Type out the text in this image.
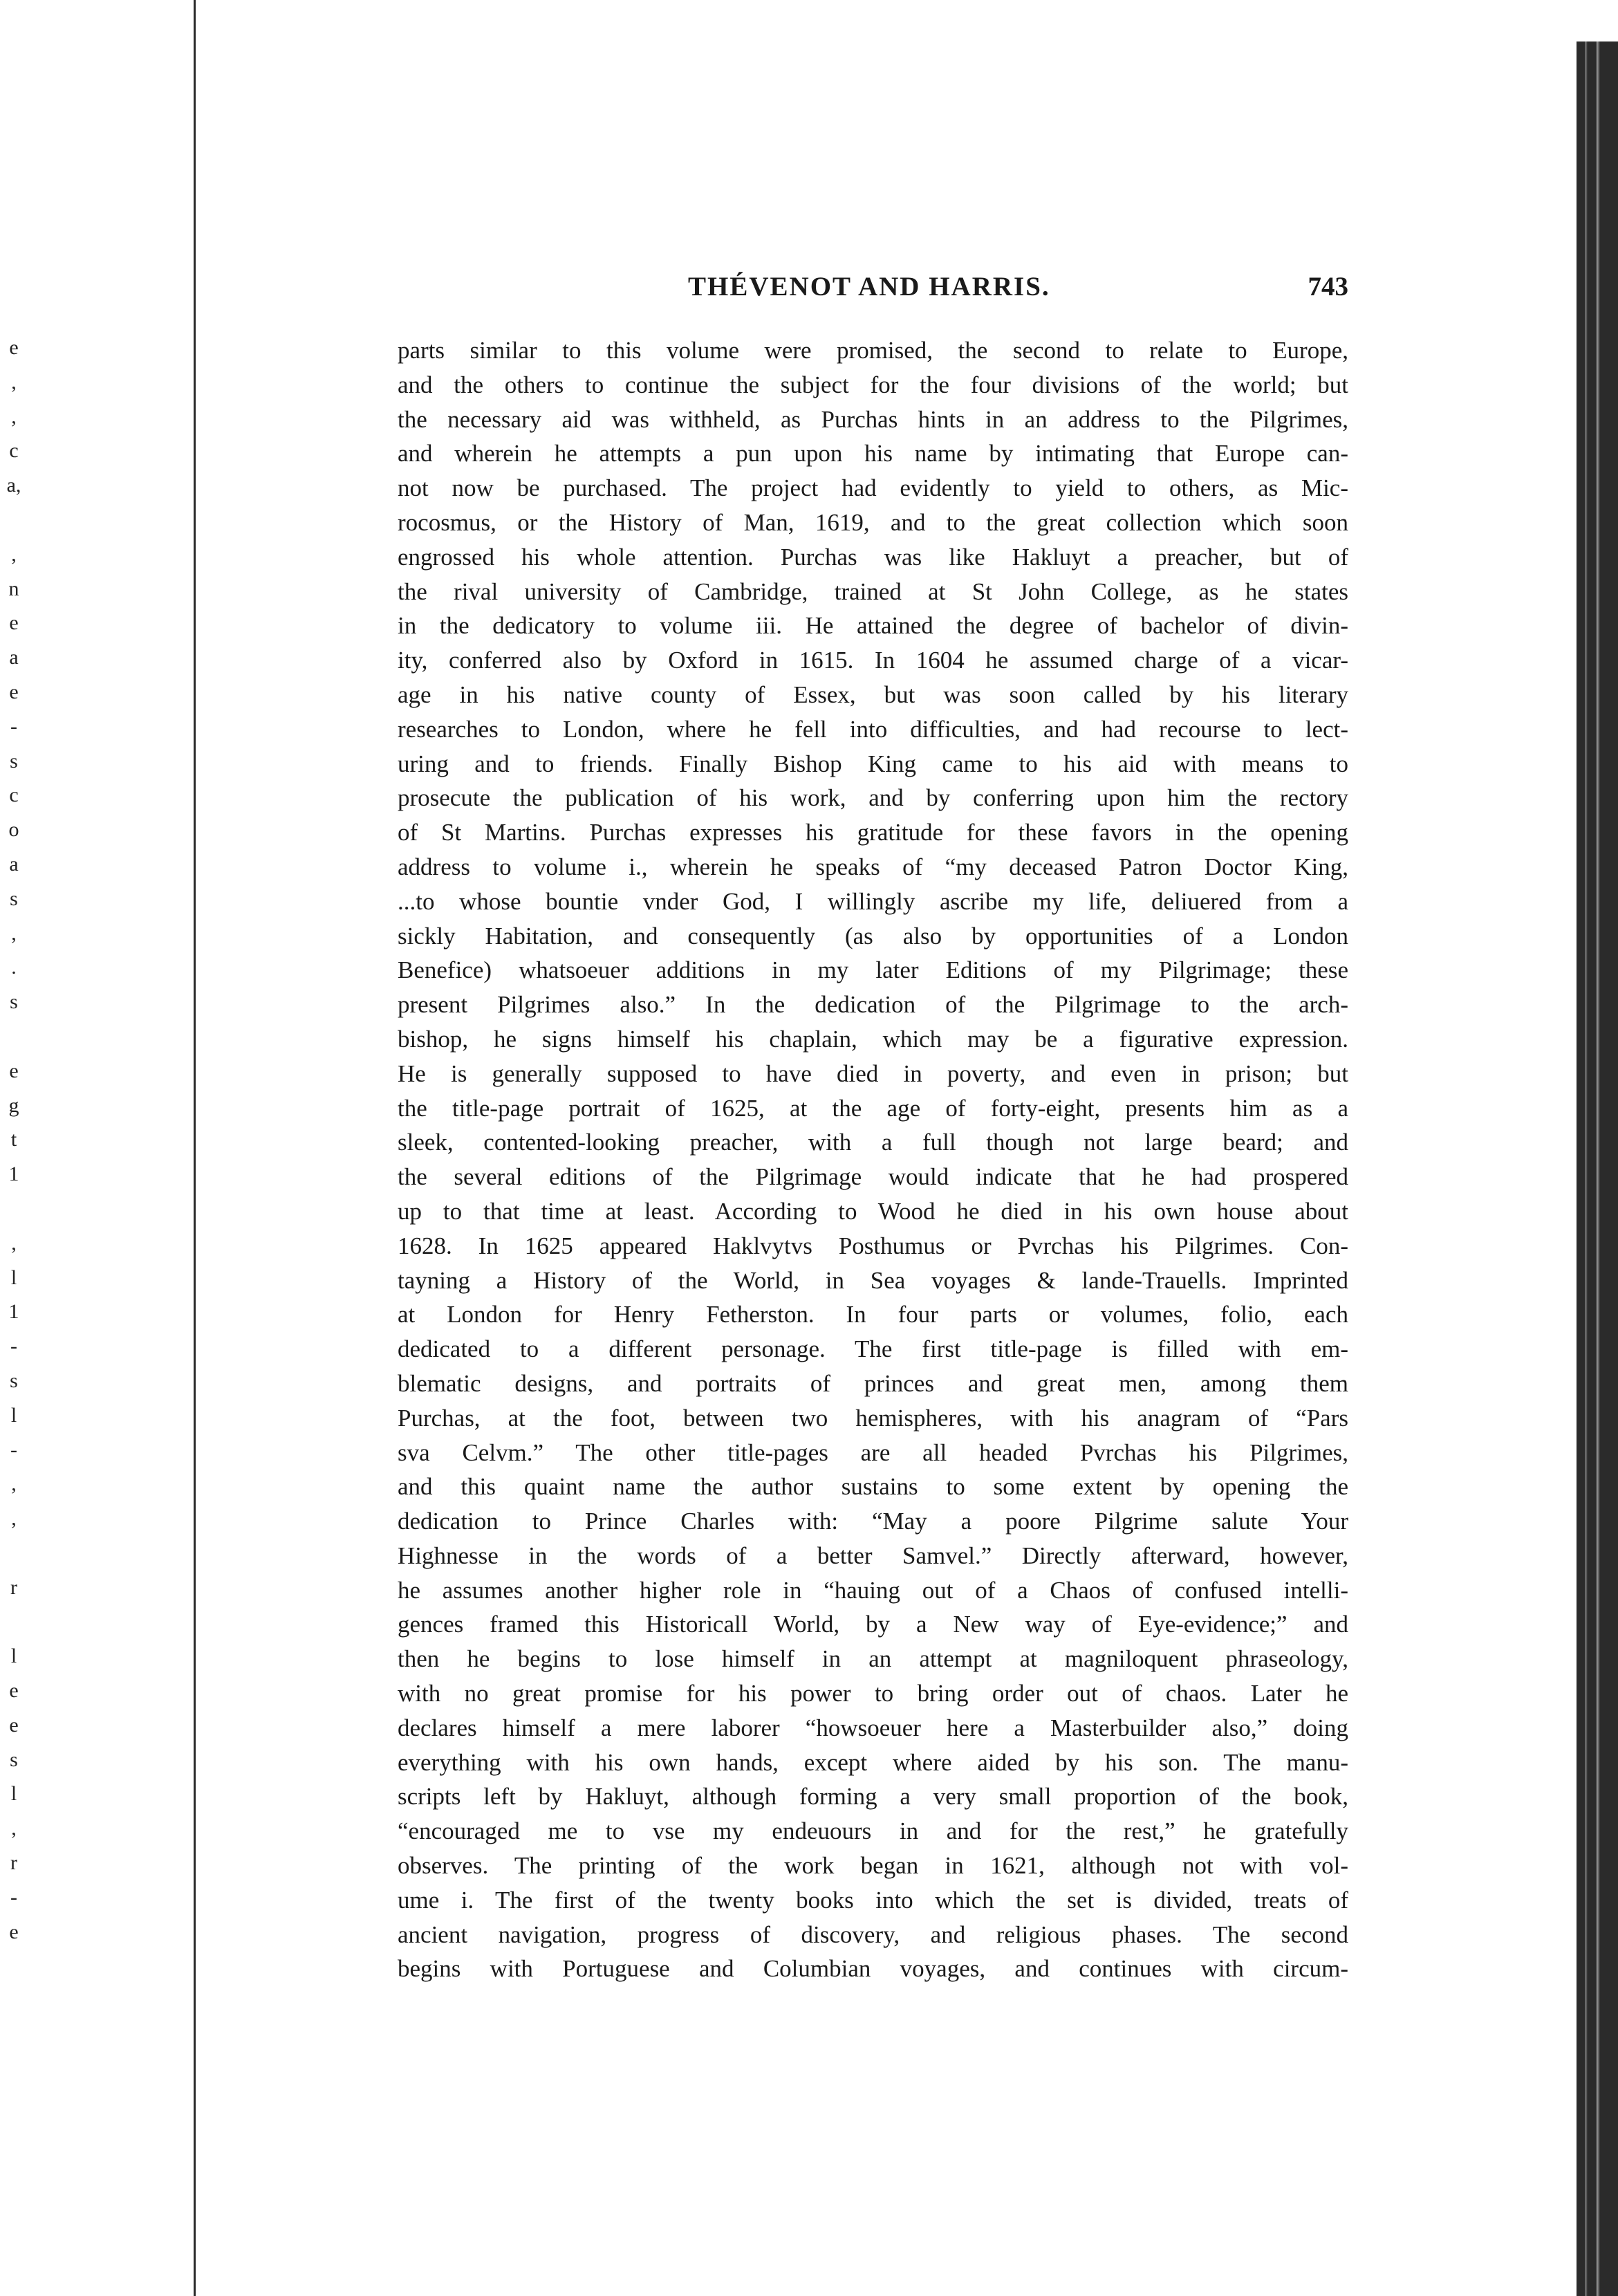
e
,
,
c
a,
,
n
e
a
e
-
s
c
o
a
s
,
.
s
e
g
t
1
,
l
1
-
s
l
-
,
,
r
l
e
e
s
l
,
r
-
e
THÉVENOT AND HARRIS.	743
parts similar to this volume were promised, the second to relate to Europe,
and the others to continue the subject for the four divisions of the world; but
the necessary aid was withheld, as Purchas hints in an address to the Pilgrimes,
and wherein he attempts a pun upon his name by intimating that Europe can-
not now be purchased. The project had evidently to yield to others, as Mic-
rocosmus, or the History of Man, 1619, and to the great collection which soon
engrossed his whole attention. Purchas was like Hakluyt a preacher, but of
the rival university of Cambridge, trained at St John College, as he states
in the dedicatory to volume iii. He attained the degree of bachelor of divin-
ity, conferred also by Oxford in 1615. In 1604 he assumed charge of a vicar-
age in his native county of Essex, but was soon called by his literary
researches to London, where he fell into difficulties, and had recourse to lect-
uring and to friends. Finally Bishop King came to his aid with means to
prosecute the publication of his work, and by conferring upon him the rectory
of St Martins. Purchas expresses his gratitude for these favors in the opening
address to volume i., wherein he speaks of “my deceased Patron Doctor King,
...to whose bountie vnder God, I willingly ascribe my life, deliuered from a
sickly Habitation, and consequently (as also by opportunities of a London
Benefice) whatsoeuer additions in my later Editions of my Pilgrimage; these
present Pilgrimes also.” In the dedication of the Pilgrimage to the arch-
bishop, he signs himself his chaplain, which may be a figurative expression.
He is generally supposed to have died in poverty, and even in prison; but
the title-page portrait of 1625, at the age of forty-eight, presents him as a
sleek, contented-looking preacher, with a full though not large beard; and
the several editions of the Pilgrimage would indicate that he had prospered
up to that time at least. According to Wood he died in his own house about
1628. In 1625 appeared Haklvytvs Posthumus or Pvrchas his Pilgrimes. Con-
tayning a History of the World, in Sea voyages & lande-Trauells. Imprinted
at London for Henry Fetherston. In four parts or volumes, folio, each
dedicated to a different personage. The first title-page is filled with em-
blematic designs, and portraits of princes and great men, among them
Purchas, at the foot, between two hemispheres, with his anagram of “Pars
sva Celvm.” The other title-pages are all headed Pvrchas his Pilgrimes,
and this quaint name the author sustains to some extent by opening the
dedication to Prince Charles with: “May a poore Pilgrime salute Your
Highnesse in the words of a better Samvel.” Directly afterward, however,
he assumes another higher role in “hauing out of a Chaos of confused intelli-
gences framed this Historicall World, by a New way of Eye-evidence;” and
then he begins to lose himself in an attempt at magniloquent phraseology,
with no great promise for his power to bring order out of chaos. Later he
declares himself a mere laborer “howsoeuer here a Masterbuilder also,” doing
everything with his own hands, except where aided by his son. The manu-
scripts left by Hakluyt, although forming a very small proportion of the book,
“encouraged me to vse my endeuours in and for the rest,” he gratefully
observes. The printing of the work began in 1621, although not with vol-
ume i. The first of the twenty books into which the set is divided, treats of
ancient navigation, progress of discovery, and religious phases. The second
begins with Portuguese and Columbian voyages, and continues with circum-
